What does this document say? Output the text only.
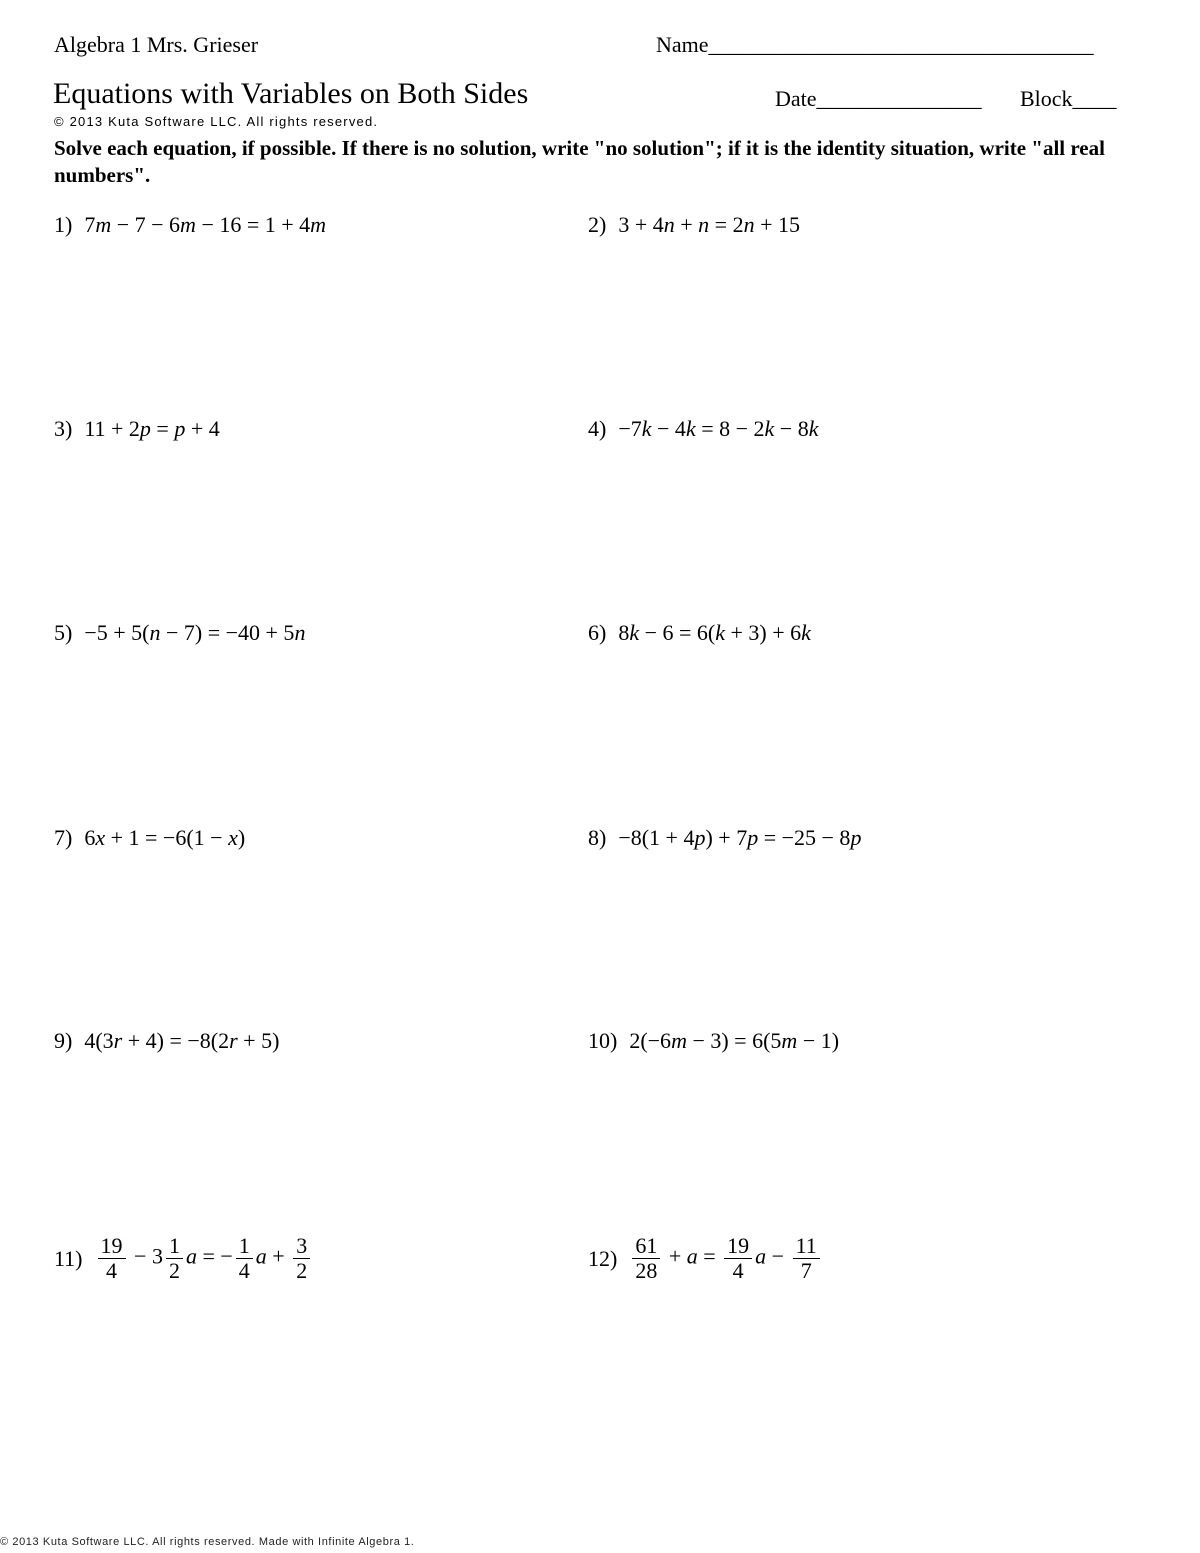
Algebra 1 Mrs. Grieser	Name___________________________________
Equations with Variables on Both Sides
© 2013 Kuta Software LLC. All rights reserved.
Date_______________ Block____
Solve each equation, if possible. If there is no solution, write "no solution"; if it is the identity situation, write "all real numbers".
1) 7m − 7 − 6m − 16 = 1 + 4m	2) 3 + 4n + n = 2n + 15
3) 11 + 2p = p + 4	4) −7k − 4k = 8 − 2k − 8k
5) −5 + 5(n − 7) = −40 + 5n	6) 8k − 6 = 6(k + 3) + 6k
7) 6x + 1 = −6(1 − x)	8) −8(1 + 4p) + 7p = −25 − 8p
9) 4(3r + 4) = −8(2r + 5)	10) 2(−6m − 3) = 6(5m − 1)
$11) \frac{19}{4} - 3 \frac{1}{2}$ a = − $\frac{1}{4}$ $a + \frac{3}{2}$	$12) \frac{61}{28} + a = \frac{19}{4}$ $a - \frac{11}{7}$
© 2013 Kuta Software LLC. All rights reserved. Made with Infinite Algebra 1.
